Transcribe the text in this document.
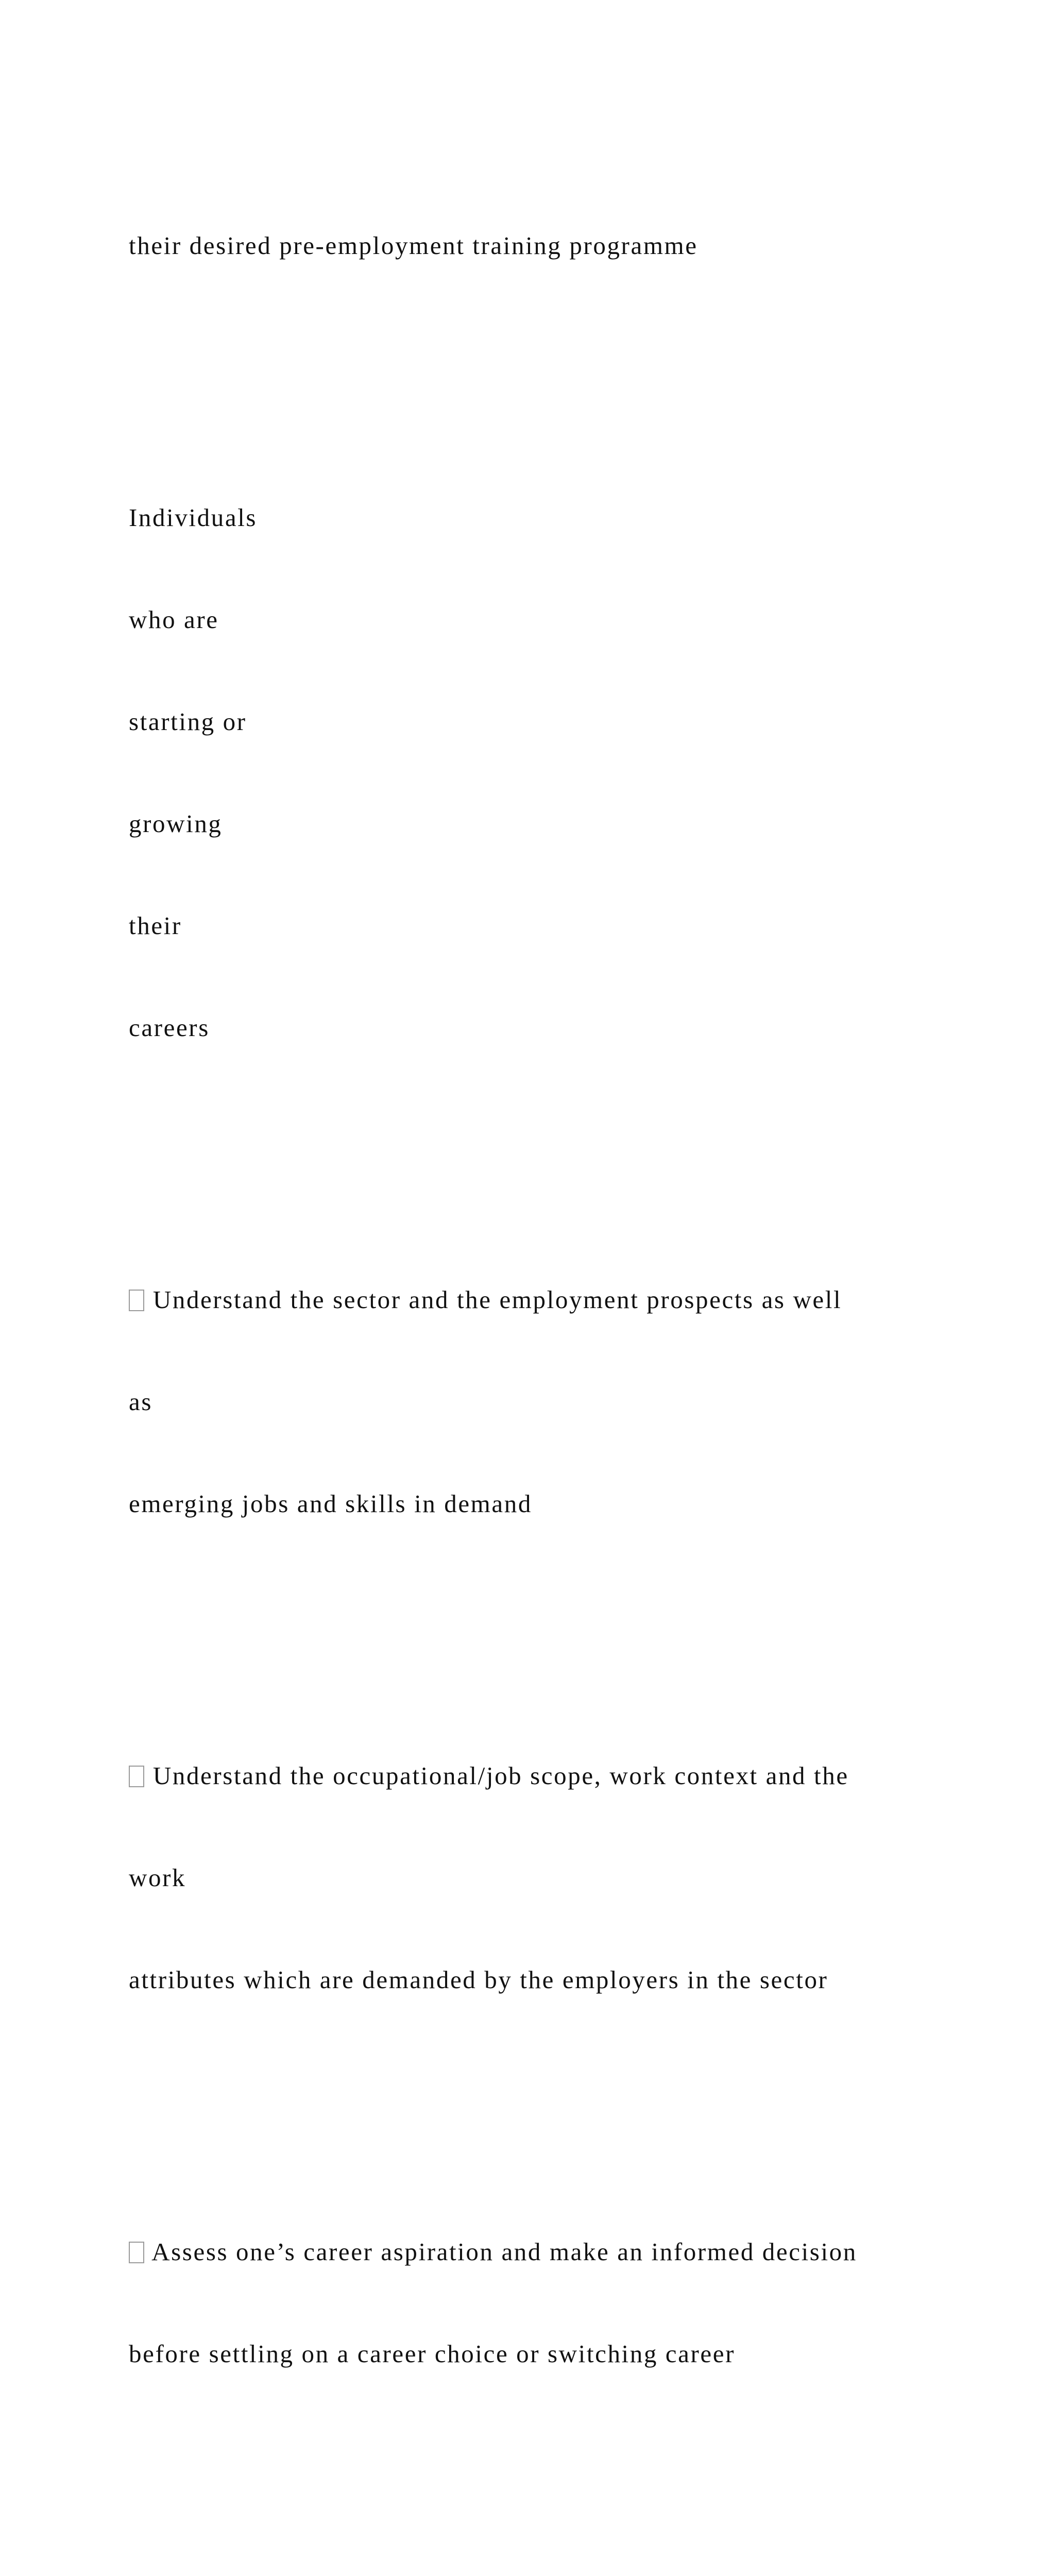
their desired pre-employment training programme

Individuals

who are

starting or

growing

their

careers

Understand the sector and the employment prospects as well

as

emerging jobs and skills in demand

Understand the occupational/job scope, work context and the

work

attributes which are demanded by the employers in the sector

Assess one’s career aspiration and make an informed decision

before settling on a career choice or switching career
